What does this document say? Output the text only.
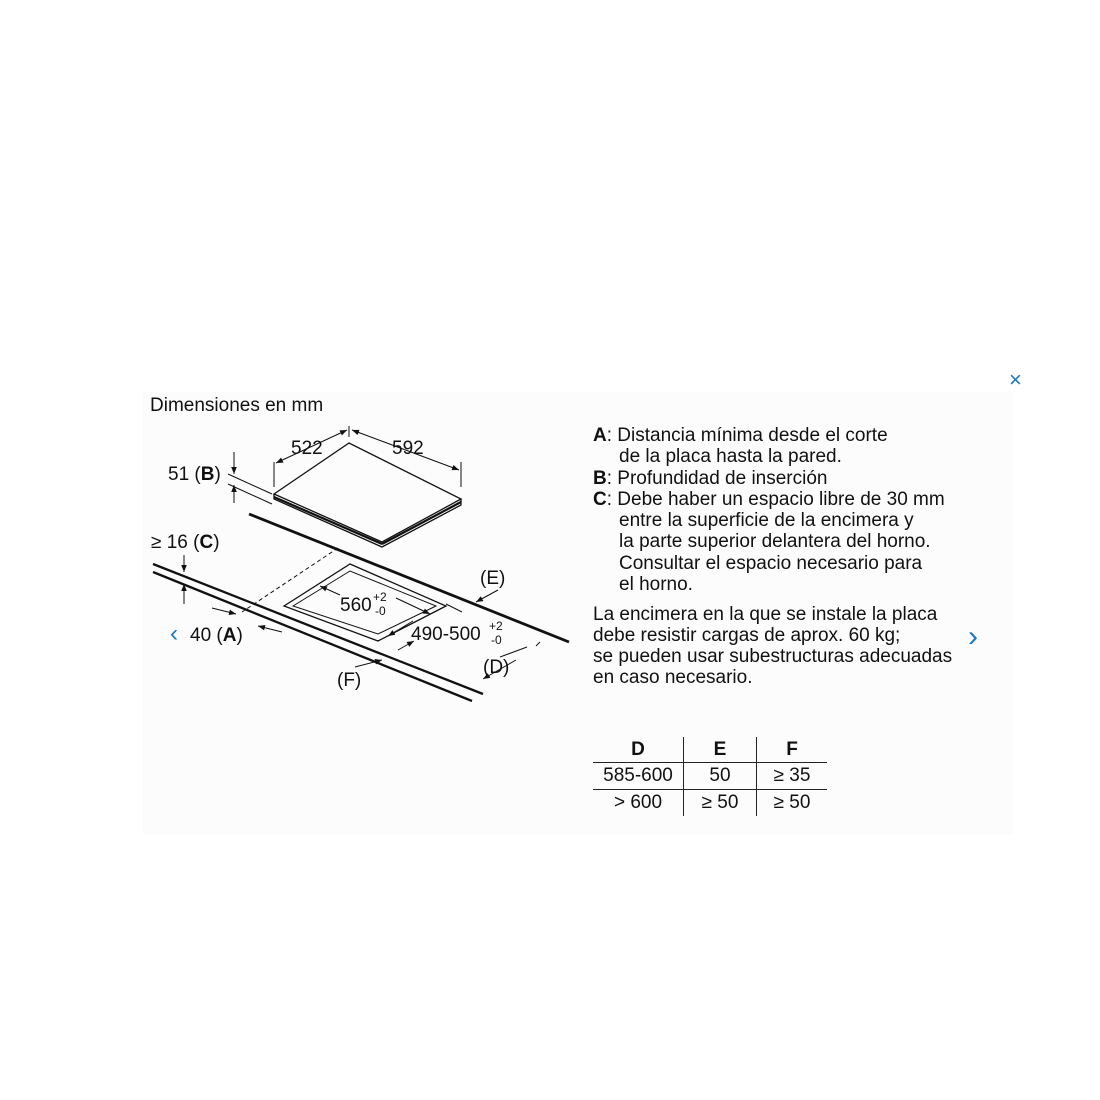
Dimensiones en mm
522	592
51 (B)
≥ 16 (C)
40 (A)
(E)
(D)
(F)
560 +2
-0
490-500 +2
-0
A : Distancia mínima desde el corte
de la placa hasta la pared.
B : Profundidad de inserción
C : Debe haber un espacio libre de 30 mm
entre la superficie de la encimera y
la parte superior delantera del horno.
Consultar el espacio necesario para
el horno.
La encimera en la que se instale la placa
debe resistir cargas de aprox. 60 kg;
se pueden usar subestructuras adecuadas
en caso necesario.
D	E	F
585-600	50	≥ 35
> 600	≥ 50	≥ 50
×
›
‹
